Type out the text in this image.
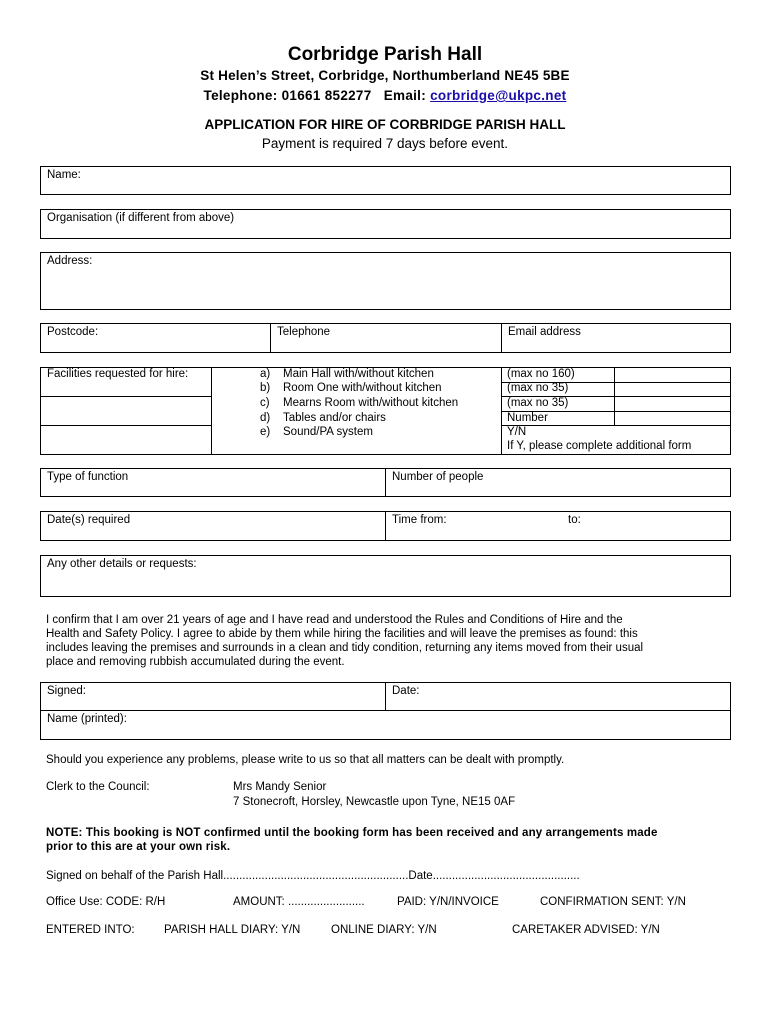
Corbridge Parish Hall
St Helen’s Street, Corbridge, Northumberland NE45 5BE
Telephone: 01661 852277 Email: corbridge@ukpc.net
APPLICATION FOR HIRE OF CORBRIDGE PARISH HALL
Payment is required 7 days before event.
Name:
Organisation (if different from above)
Address:
Postcode:	Telephone	Email address
Facilities requested for hire:	a) Main Hall with/without kitchen	(max no 160)
b) Room One with/without kitchen	(max no 35)
c) Mearns Room with/without kitchen	(max no 35)
d) Tables and/or chairs	Number
e) Sound/PA system	Y/N
If Y, please complete additional form
Type of function	Number of people
Date(s) required	Time from:	to:
Any other details or requests:
I confirm that I am over 21 years of age and I have read and understood the Rules and Conditions of Hire and the
Health and Safety Policy. I agree to abide by them while hiring the facilities and will leave the premises as found: this
includes leaving the premises and surrounds in a clean and tidy condition, returning any items moved from their usual
place and removing rubbish accumulated during the event.
Signed:	Date:
Name (printed):
Should you experience any problems, please write to us so that all matters can be dealt with promptly.
Clerk to the Council:	Mrs Mandy Senior
7 Stonecroft, Horsley, Newcastle upon Tyne, NE15 0AF
NOTE: This booking is NOT confirmed until the booking form has been received and any arrangements made
prior to this are at your own risk.
Signed on behalf of the Parish Hall..........................................................Date..............................................
Office Use: CODE: R/H	AMOUNT: ........................	PAID: Y/N/INVOICE	CONFIRMATION SENT: Y/N
ENTERED INTO:	PARISH HALL DIARY: Y/N	ONLINE DIARY: Y/N	CARETAKER ADVISED: Y/N
